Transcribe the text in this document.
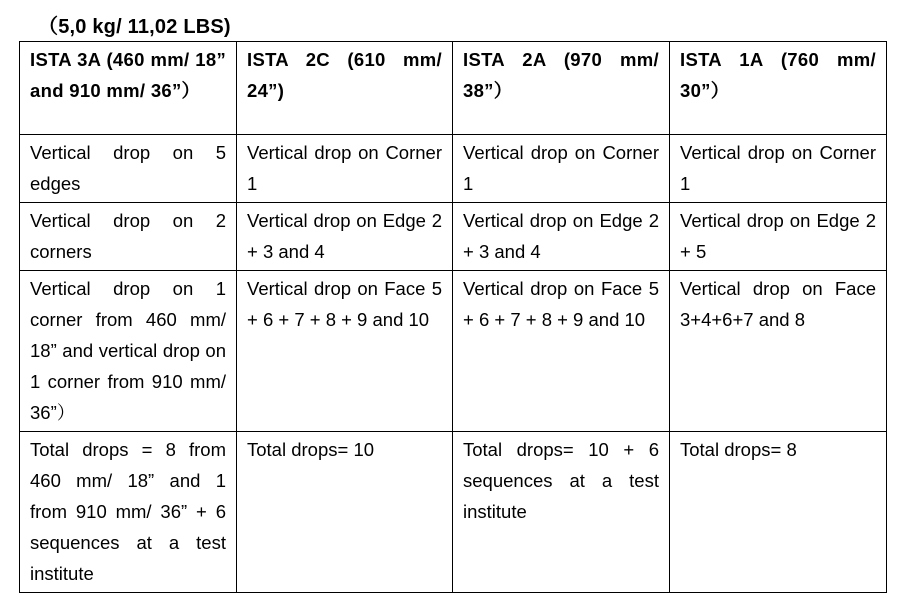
（5,0 kg/ 11,02 LBS)
ISTA 3A (460 mm/ 18” and 910 mm/ 36”）	ISTA 2C (610 mm/ 24”)	ISTA 2A (970 mm/ 38”）	ISTA 1A (760 mm/ 30”）
Vertical drop on 5 edges	Vertical drop on Corner 1	Vertical drop on Corner 1	Vertical drop on Corner 1
Vertical drop on 2 corners	Vertical drop on Edge 2 + 3 and 4	Vertical drop on Edge 2 + 3 and 4	Vertical drop on Edge 2 + 5
Vertical drop on 1 corner from 460 mm/ 18” and vertical drop on 1 corner from 910 mm/ 36”）	Vertical drop on Face 5 + 6 + 7 + 8 + 9 and 10	Vertical drop on Face 5 + 6 + 7 + 8 + 9 and 10	Vertical drop on Face 3+4+6+7 and 8
Total drops = 8 from 460 mm/ 18” and 1 from 910 mm/ 36” + 6 sequences at a test institute	Total drops= 10	Total drops= 10 + 6 sequences at a test institute	Total drops= 8
